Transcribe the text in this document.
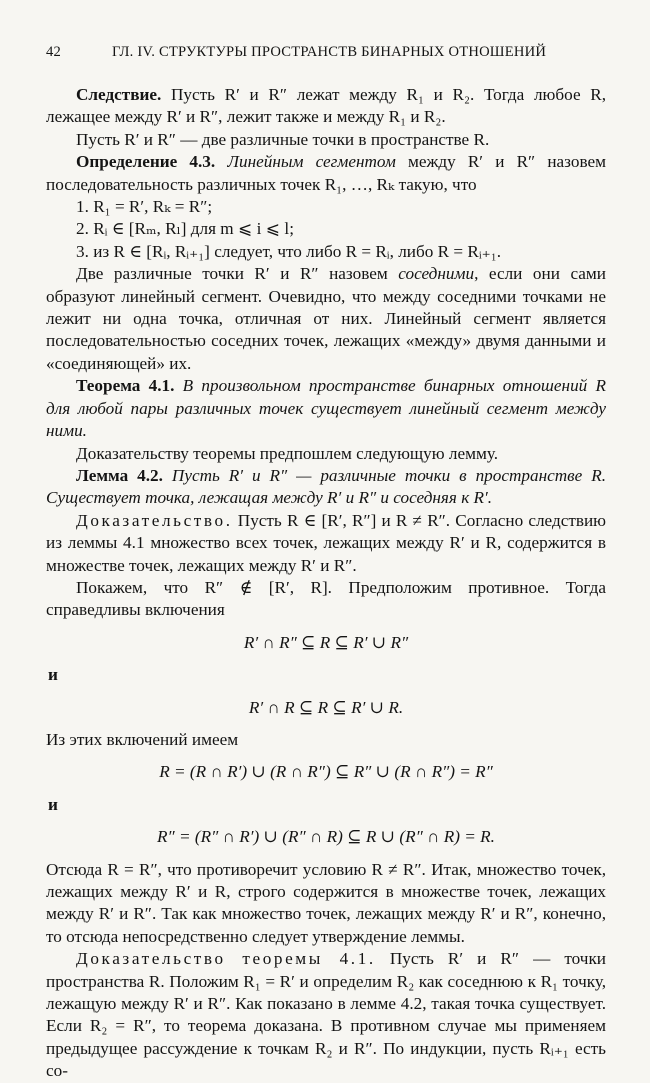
42	ГЛ. IV. СТРУКТУРЫ ПРОСТРАНСТВ БИНАРНЫХ ОТНОШЕНИЙ

Следствие. Пусть R′ и R″ лежат между R₁ и R₂. Тогда любое R, лежащее между R′ и R″, лежит также и между R₁ и R₂.

Пусть R′ и R″ — две различные точки в пространстве R.

Определение 4.3. Линейным сегментом между R′ и R″ назовем последовательность различных точек R₁, …, Rₖ такую, что

1. R₁ = R′, Rₖ = R″;

2. Rᵢ ∈ [Rₘ, Rₗ] для m ⩽ i ⩽ l;

3. из R ∈ [Rᵢ, Rᵢ₊₁] следует, что либо R = Rᵢ, либо R = Rᵢ₊₁.

Две различные точки R′ и R″ назовем соседними, если они сами образуют линейный сегмент. Очевидно, что между соседними точками не лежит ни одна точка, отличная от них. Линейный сегмент является последовательностью соседних точек, лежащих «между» двумя данными и «соединяющей» их.

Теорема 4.1. В произвольном пространстве бинарных отношений R для любой пары различных точек существует линейный сегмент между ними.

Доказательству теоремы предпошлем следующую лемму.

Лемма 4.2. Пусть R′ и R″ — различные точки в пространстве R. Существует точка, лежащая между R′ и R″ и соседняя к R′.

Доказательство. Пусть R ∈ [R′, R″] и R ≠ R″. Согласно следствию из леммы 4.1 множество всех точек, лежащих между R′ и R, содержится в множестве точек, лежащих между R′ и R″.

Покажем, что R″ ∉ [R′, R]. Предположим противное. Тогда справедливы включения

R′ ∩ R″ ⊆ R ⊆ R′ ∪ R″
и
R′ ∩ R ⊆ R ⊆ R′ ∪ R.

Из этих включений имеем

R = (R ∩ R′) ∪ (R ∩ R″) ⊆ R″ ∪ (R ∩ R″) = R″
и
R″ = (R″ ∩ R′) ∪ (R″ ∩ R) ⊆ R ∪ (R″ ∩ R) = R.

Отсюда R = R″, что противоречит условию R ≠ R″. Итак, множество точек, лежащих между R′ и R, строго содержится в множестве точек, лежащих между R′ и R″. Так как множество точек, лежащих между R′ и R″, конечно, то отсюда непосредственно следует утверждение леммы.

Доказательство теоремы 4.1. Пусть R′ и R″ — точки пространства R. Положим R₁ = R′ и определим R₂ как соседнюю к R₁ точку, лежащую между R′ и R″. Как показано в лемме 4.2, такая точка существует. Если R₂ = R″, то теорема доказана. В противном случае мы применяем предыдущее рассуждение к точкам R₂ и R″. По индукции, пусть Rᵢ₊₁ есть со-
